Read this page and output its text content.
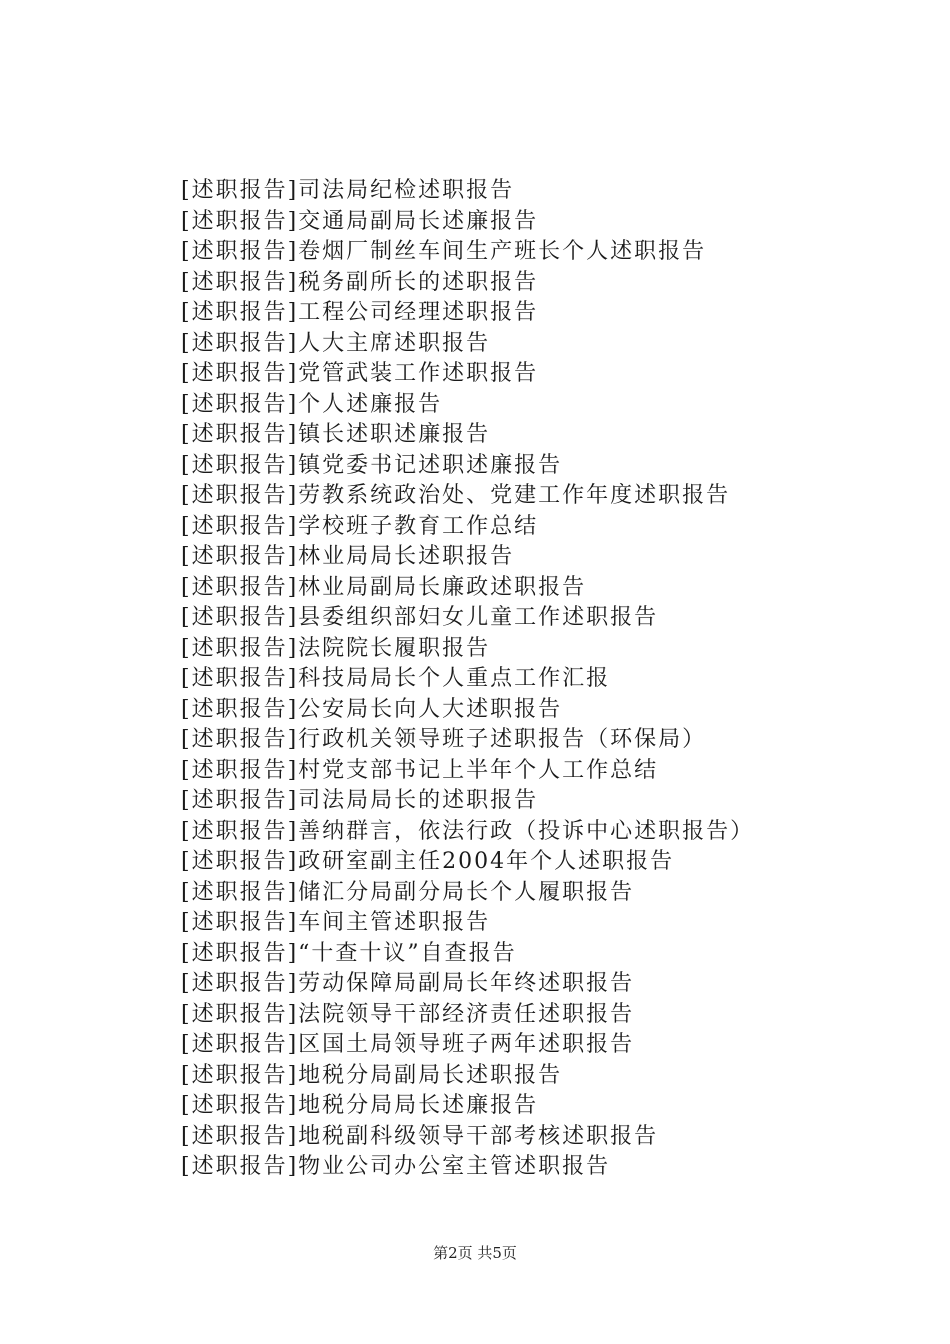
[述职报告]司法局纪检述职报告
[述职报告]交通局副局长述廉报告
[述职报告]卷烟厂制丝车间生产班长个人述职报告
[述职报告]税务副所长的述职报告
[述职报告]工程公司经理述职报告
[述职报告]人大主席述职报告
[述职报告]党管武装工作述职报告
[述职报告]个人述廉报告
[述职报告]镇长述职述廉报告
[述职报告]镇党委书记述职述廉报告
[述职报告]劳教系统政治处、党建工作年度述职报告
[述职报告]学校班子教育工作总结
[述职报告]林业局局长述职报告
[述职报告]林业局副局长廉政述职报告
[述职报告]县委组织部妇女儿童工作述职报告
[述职报告]法院院长履职报告
[述职报告]科技局局长个人重点工作汇报
[述职报告]公安局长向人大述职报告
[述职报告]行政机关领导班子述职报告（环保局）
[述职报告]村党支部书记上半年个人工作总结
[述职报告]司法局局长的述职报告
[述职报告]善纳群言，依法行政（投诉中心述职报告）
[述职报告]政研室副主任2004年个人述职报告
[述职报告]储汇分局副分局长个人履职报告
[述职报告]车间主管述职报告
[述职报告]“十查十议”自查报告
[述职报告]劳动保障局副局长年终述职报告
[述职报告]法院领导干部经济责任述职报告
[述职报告]区国土局领导班子两年述职报告
[述职报告]地税分局副局长述职报告
[述职报告]地税分局局长述廉报告
[述职报告]地税副科级领导干部考核述职报告
[述职报告]物业公司办公室主管述职报告
第2页 共5页
